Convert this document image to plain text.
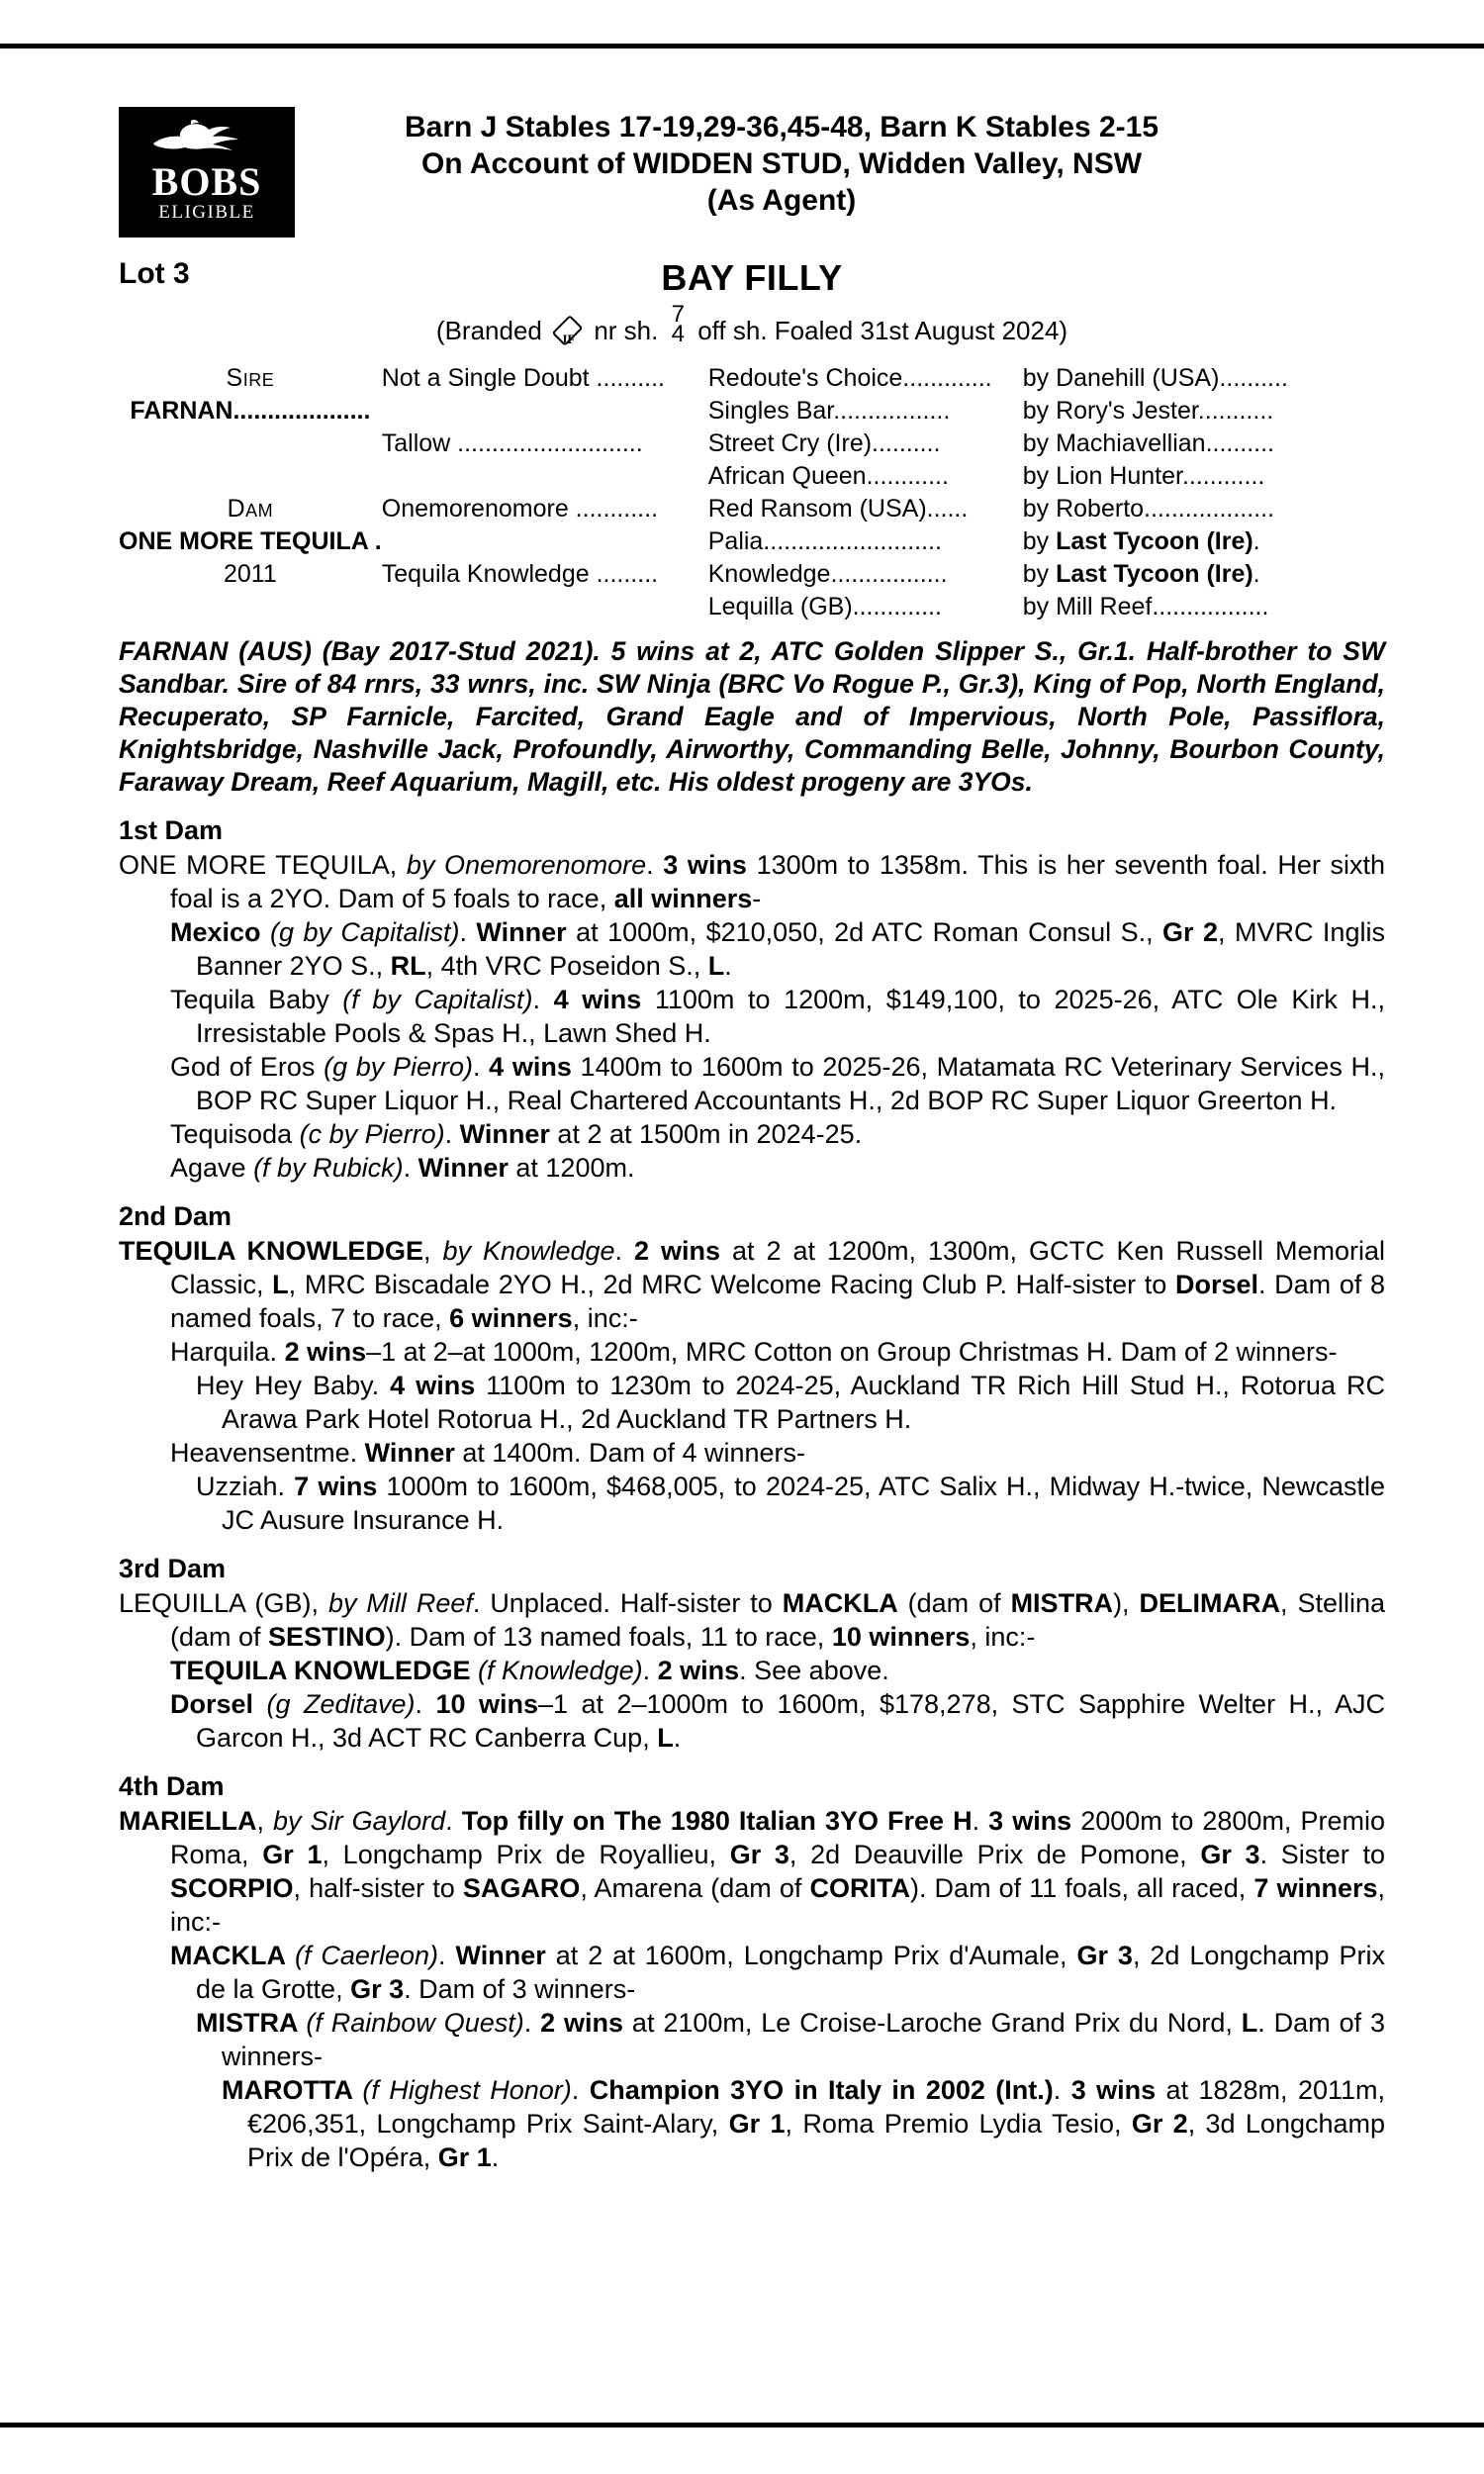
BOBS
ELIGIBLE
Barn J Stables 17-19,29-36,45-48, Barn K Stables 2-15
On Account of WIDDEN STUD, Widden Valley, NSW
(As Agent)
Lot 3	BAY FILLY
(Branded	JF nr sh.
7
4 off sh. Foaled 31st August 2024)
Sire	Not a Single Doubt ..........	Redoute's Choice.............	by Danehill (USA)..........

FARNAN....................		Singles Bar.................	by Rory's Jester...........
	Tallow ...........................	Street Cry (Ire)..........	by Machiavellian..........
		African Queen............	by Lion Hunter............

Dam	Onemorenomore ............	Red Ransom (USA)......	by Roberto...................

ONE MORE TEQUILA .		Palia..........................	by Last Tycoon (Ire).

2011	Tequila Knowledge .........	Knowledge.................	by Last Tycoon (Ire).
		Lequilla (GB).............	by Mill Reef.................
FARNAN (AUS) (Bay 2017-Stud 2021). 5 wins at 2, ATC Golden Slipper S., Gr.1. Half-brother to SW Sandbar. Sire of 84 rnrs, 33 wnrs, inc. SW Ninja (BRC Vo Rogue P., Gr.3), King of Pop, North England, Recuperato, SP Farnicle, Farcited, Grand Eagle and of Impervious, North Pole, Passiflora, Knightsbridge, Nashville Jack, Profoundly, Airworthy, Commanding Belle, Johnny, Bourbon County, Faraway Dream, Reef Aquarium, Magill, etc. His oldest progeny are 3YOs.
1st Dam
ONE MORE TEQUILA, by Onemorenomore. 3 wins 1300m to 1358m. This is her seventh foal. Her sixth foal is a 2YO. Dam of 5 foals to race, all winners-
Mexico (g by Capitalist). Winner at 1000m, $210,050, 2d ATC Roman Consul S., Gr 2, MVRC Inglis Banner 2YO S., RL, 4th VRC Poseidon S., L.
Tequila Baby (f by Capitalist). 4 wins 1100m to 1200m, $149,100, to 2025-26, ATC Ole Kirk H., Irresistable Pools & Spas H., Lawn Shed H.
God of Eros (g by Pierro). 4 wins 1400m to 1600m to 2025-26, Matamata RC Veterinary Services H., BOP RC Super Liquor H., Real Chartered Accountants H., 2d BOP RC Super Liquor Greerton H.
Tequisoda (c by Pierro). Winner at 2 at 1500m in 2024-25.
Agave (f by Rubick). Winner at 1200m.
2nd Dam
TEQUILA KNOWLEDGE, by Knowledge. 2 wins at 2 at 1200m, 1300m, GCTC Ken Russell Memorial Classic, L, MRC Biscadale 2YO H., 2d MRC Welcome Racing Club P. Half-sister to Dorsel. Dam of 8 named foals, 7 to race, 6 winners, inc:-
Harquila. 2 wins–1 at 2–at 1000m, 1200m, MRC Cotton on Group Christmas H. Dam of 2 winners-
Hey Hey Baby. 4 wins 1100m to 1230m to 2024-25, Auckland TR Rich Hill Stud H., Rotorua RC Arawa Park Hotel Rotorua H., 2d Auckland TR Partners H.
Heavensentme. Winner at 1400m. Dam of 4 winners-
Uzziah. 7 wins 1000m to 1600m, $468,005, to 2024-25, ATC Salix H., Midway H.-twice, Newcastle JC Ausure Insurance H.
3rd Dam
LEQUILLA (GB), by Mill Reef. Unplaced. Half-sister to MACKLA (dam of MISTRA), DELIMARA, Stellina (dam of SESTINO). Dam of 13 named foals, 11 to race, 10 winners, inc:-
TEQUILA KNOWLEDGE (f Knowledge). 2 wins. See above.
Dorsel (g Zeditave). 10 wins–1 at 2–1000m to 1600m, $178,278, STC Sapphire Welter H., AJC Garcon H., 3d ACT RC Canberra Cup, L.
4th Dam
MARIELLA, by Sir Gaylord. Top filly on The 1980 Italian 3YO Free H. 3 wins 2000m to 2800m, Premio Roma, Gr 1, Longchamp Prix de Royallieu, Gr 3, 2d Deauville Prix de Pomone, Gr 3. Sister to SCORPIO, half-sister to SAGARO, Amarena (dam of CORITA). Dam of 11 foals, all raced, 7 winners, inc:-
MACKLA (f Caerleon). Winner at 2 at 1600m, Longchamp Prix d'Aumale, Gr 3, 2d Longchamp Prix de la Grotte, Gr 3. Dam of 3 winners-
MISTRA (f Rainbow Quest). 2 wins at 2100m, Le Croise-Laroche Grand Prix du Nord, L. Dam of 3 winners-
MAROTTA (f Highest Honor). Champion 3YO in Italy in 2002 (Int.). 3 wins at 1828m, 2011m, €206,351, Longchamp Prix Saint-Alary, Gr 1, Roma Premio Lydia Tesio, Gr 2, 3d Longchamp Prix de l'Opéra, Gr 1.
